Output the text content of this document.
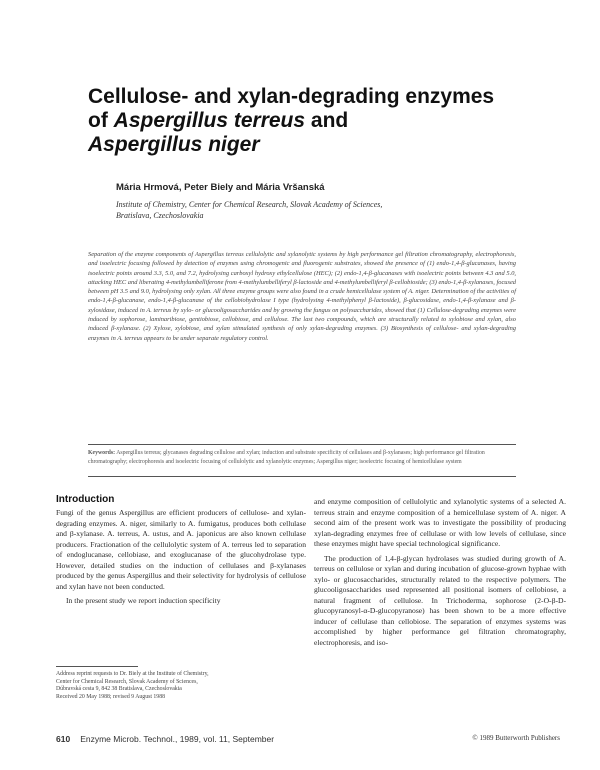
Cellulose- and xylan-degrading enzymes
of Aspergillus terreus and
Aspergillus niger
Mária Hrmová, Peter Biely and Mária Vršanská
Institute of Chemistry, Center for Chemical Research, Slovak Academy of Sciences,
Bratislava, Czechoslovakia
Separation of the enzyme components of Aspergillus terreus cellulolytic and xylanolytic systems by high performance gel filtration chromatography, electrophoresis, and isoelectric focusing followed by detection of enzymes using chromogenic and fluorogenic substrates, showed the presence of (1) endo-1,4-β-glucanases, having isoelectric points around 3.3, 5.0, and 7.2, hydrolysing carboxyl hydroxy ethylcellulose (HEC); (2) endo-1,4-β-glucanases with isoelectric points between 4.3 and 5.0, attacking HEC and liberating 4-methylumbelliferone from 4-methylumbelliferyl β-lactoside and 4-methylumbelliferyl β-cellobioside; (3) endo-1,4-β-xylanases, focused between pH 3.5 and 9.0, hydrolysing only xylan. All three enzyme groups were also found in a crude hemicellulase system of A. niger. Determination of the activities of endo-1,4-β-glucanase, endo-1,4-β-glucanase of the cellobiohydrolase I type (hydrolysing 4-methylphenyl β-lactoside), β-glucosidase, endo-1,4-β-xylanase and β-xylosidase, induced in A. terreus by xylo- or glucooligosaccharides and by growing the fungus on polysaccharides, showed that (1) Cellulose-degrading enzymes were induced by sophorose, laminaribiose, gentiobiose, cellobiose, and cellulose. The last two compounds, which are structurally related to xylobiose and xylan, also induced β-xylanase. (2) Xylose, xylobiose, and xylan stimulated synthesis of only xylan-degrading enzymes. (3) Biosynthesis of cellulose- and xylan-degrading enzymes in A. terreus appears to be under separate regulatory control.
Keywords: Aspergillus terreus; glycanases degrading cellulose and xylan; induction and substrate specificity of cellulases and β-xylanases; high performance gel filtration chromatography; electrophoresis and isoelectric focusing of cellulolytic and xylanolytic enzymes; Aspergillus niger; isoelectric focusing of hemicellulase system
Introduction

Fungi of the genus Aspergillus are efficient producers of cellulose- and xylan-degrading enzymes. A. niger, similarly to A. fumigatus, produces both cellulase and β-xylanase. A. terreus, A. ustus, and A. japonicus are also known cellulase producers. Fractionation of the cellulolytic system of A. terreus led to separation of endoglucanase, cellobiase, and exoglucanase of the glucohydrolase type. However, detailed studies on the induction of cellulases and β-xylanases produced by the genus Aspergillus and their selectivity for hydrolysis of cellulose and xylan have not been conducted.

In the present study we report induction specificity

and enzyme composition of cellulolytic and xylanolytic systems of a selected A. terreus strain and enzyme composition of a hemicellulase system of A. niger. A second aim of the present work was to investigate the possibility of producing xylan-degrading enzymes free of cellulase or with low levels of cellulase, since these enzymes might have special technological significance.

The production of 1,4-β-glycan hydrolases was studied during growth of A. terreus on cellulose or xylan and during incubation of glucose-grown hyphae with xylo- or glucosaccharides, structurally related to the respective polymers. The glucooligosaccharides used represented all positional isomers of cellobiose, a natural fragment of cellulose. In Trichoderma, sophorose (2-O-β-D-glucopyranosyl-α-D-glucopyranose) has been shown to be a more effective inducer of cellulase than cellobiose. The separation of enzymes systems was accomplished by higher performance gel filtration chromatography, electrophoresis, and iso-

Address reprint requests to Dr. Biely at the Institute of Chemistry,
Center for Chemical Research, Slovak Academy of Sciences,
Dúbravská cesta 9, 842 38 Bratislava, Czechoslovakia
Received 20 May 1988; revised 9 August 1988
610 Enzyme Microb. Technol., 1989, vol. 11, September	© 1989 Butterworth Publishers
